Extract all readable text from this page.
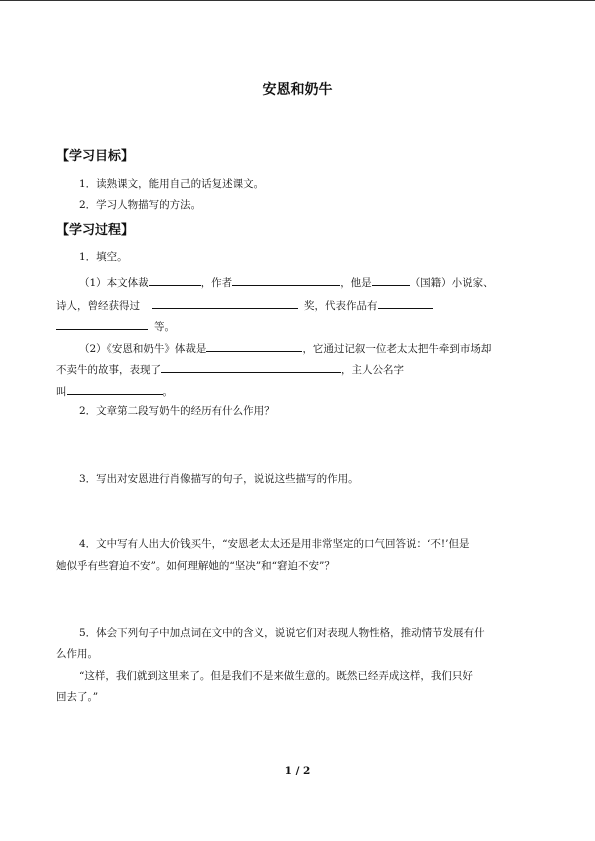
安恩和奶牛
【学习目标】
1．读熟课文，能用自己的话复述课文。
2．学习人物描写的方法。
【学习过程】
1．填空。
（1）本文体裁	，作者	，他是	（国籍）小说家、
诗人，曾经获得过	奖，代表作品有
等。
（2）《安恩和奶牛》体裁是	，它通过记叙一位老太太把牛牵到市场却
不卖牛的故事，表现了	，主人公名字
叫	。
2．文章第二段写奶牛的经历有什么作用？
3．写出对安恩进行肖像描写的句子，说说这些描写的作用。
4．文中写有人出大价钱买牛，“安恩老太太还是用非常坚定的口气回答说：‘不!’但是
她似乎有些窘迫不安”。如何理解她的“坚决”和“窘迫不安”？
5．体会下列句子中加点词在文中的含义，说说它们对表现人物性格，推动情节发展有什
么作用。
“这样，我们就到这里来了。但是我们不是来做生意的。既然已经弄成这样，我们只好
回去了。”
1 / 2
